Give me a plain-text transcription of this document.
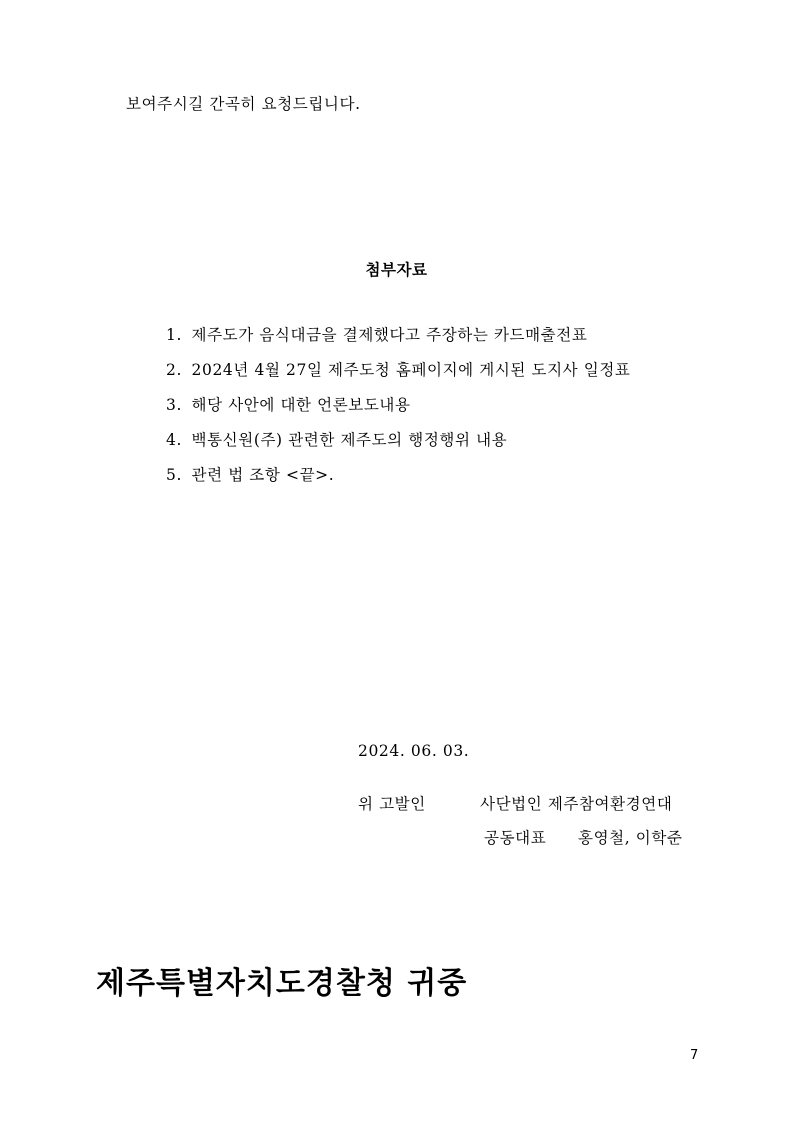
보여주시길 간곡히 요청드립니다.
첨부자료
1. 제주도가 음식대금을 결제했다고 주장하는 카드매출전표
2. 2024년 4월 27일 제주도청 홈페이지에 게시된 도지사 일정표
3. 해당 사안에 대한 언론보도내용
4. 백통신원(주) 관련한 제주도의 행정행위 내용
5. 관련 법 조항 <끝>.
2024. 06. 03.
위 고발인	사단법인 제주참여환경연대
공동대표 홍영철, 이학준
제주특별자치도경찰청 귀중
7
